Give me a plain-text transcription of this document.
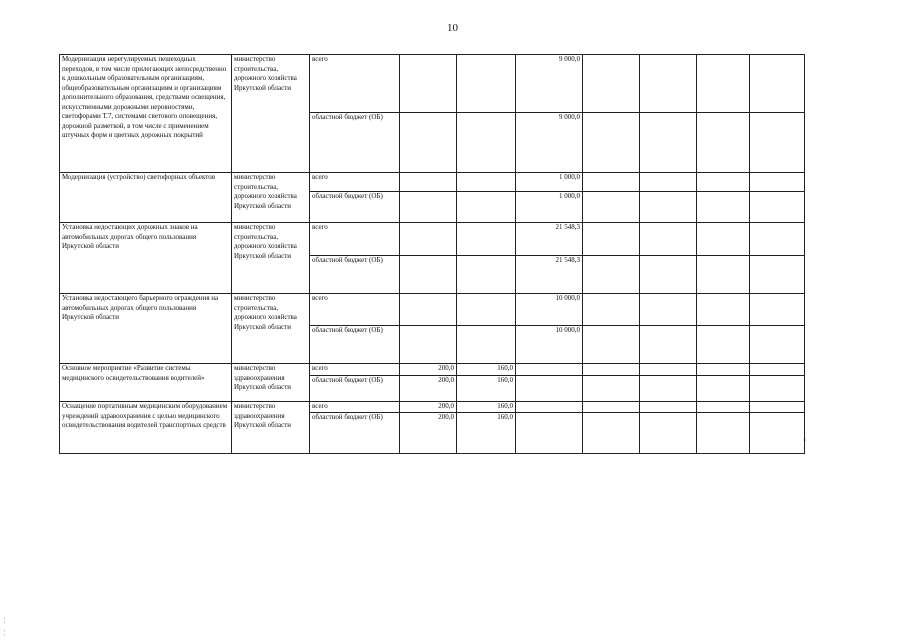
10
Модернизация нерегулируемых пешеходных переходов, в том числе прилегающих непосредственно к дошкольным образовательным организациям, общеобразовательным организациям и организациям дополнительного образования, средствами освещения, искусственными дорожными неровностями, светофорами Т.7, системами светового оповещения, дорожной разметкой, в том числе с применением штучных форм и цветных дорожных покрытий	министерство строительства, дорожного хозяйства Иркутской области	всего			9 000,0				
		областной бюджет (ОБ)			9 000,0				
Модернизация (устройство) светофорных объектов	министерство строительства, дорожного хозяйства Иркутской области	всего			1 000,0				
		областной бюджет (ОБ)			1 000,0				
Установка недостающих дорожных знаков на автомобильных дорогах общего пользования Иркутской области	министерство строительства, дорожного хозяйства Иркутской области	всего			21 548,3				
		областной бюджет (ОБ)			21 548,3				
Установка недостающего барьерного ограждения на автомобильных дорогах общего пользования Иркутской области	министерство строительства, дорожного хозяйства Иркутской области	всего			10 000,0				
		областной бюджет (ОБ)			10 000,0				
Основное мероприятие «Развитие системы медицинского освидетельствования водителей»	министерство здравоохранения Иркутской области	всего	200,0	160,0					
		областной бюджет (ОБ)	200,0	160,0					
Оснащение портативным медицинским оборудованием учреждений здравоохранения с целью медицинского освидетельствования водителей транспортных средств	министерство здравоохранения Иркутской области	всего	200,0	160,0					
		областной бюджет (ОБ)	200,0	160,0					
×
¦
¦
